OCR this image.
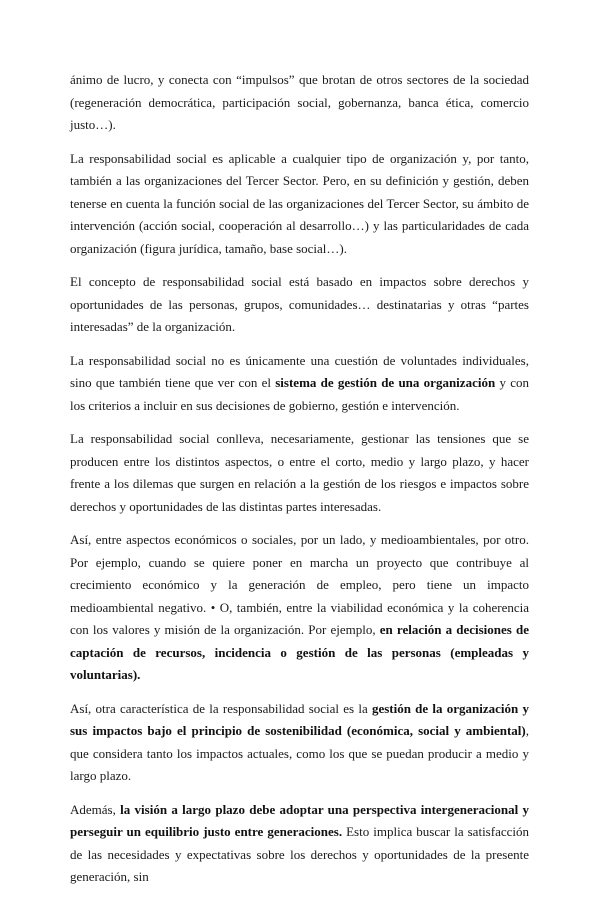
ánimo de lucro, y conecta con “impulsos” que brotan de otros sectores de la sociedad (regeneración democrática, participación social, gobernanza, banca ética, comercio justo…).

La responsabilidad social es aplicable a cualquier tipo de organización y, por tanto, también a las organizaciones del Tercer Sector. Pero, en su definición y gestión, deben tenerse en cuenta la función social de las organizaciones del Tercer Sector, su ámbito de intervención (acción social, cooperación al desarrollo…) y las particularidades de cada organización (figura jurídica, tamaño, base social…).

El concepto de responsabilidad social está basado en impactos sobre derechos y oportunidades de las personas, grupos, comunidades… destinatarias y otras “partes interesadas” de la organización.

La responsabilidad social no es únicamente una cuestión de voluntades individuales, sino que también tiene que ver con el sistema de gestión de una organización y con los criterios a incluir en sus decisiones de gobierno, gestión e intervención.

La responsabilidad social conlleva, necesariamente, gestionar las tensiones que se producen entre los distintos aspectos, o entre el corto, medio y largo plazo, y hacer frente a los dilemas que surgen en relación a la gestión de los riesgos e impactos sobre derechos y oportunidades de las distintas partes interesadas.

Así, entre aspectos económicos o sociales, por un lado, y medioambientales, por otro. Por ejemplo, cuando se quiere poner en marcha un proyecto que contribuye al crecimiento económico y la generación de empleo, pero tiene un impacto medioambiental negativo. • O, también, entre la viabilidad económica y la coherencia con los valores y misión de la organización. Por ejemplo, en relación a decisiones de captación de recursos, incidencia o gestión de las personas (empleadas y voluntarias).

Así, otra característica de la responsabilidad social es la gestión de la organización y sus impactos bajo el principio de sostenibilidad (económica, social y ambiental), que considera tanto los impactos actuales, como los que se puedan producir a medio y largo plazo.

Además, la visión a largo plazo debe adoptar una perspectiva intergeneracional y perseguir un equilibrio justo entre generaciones. Esto implica buscar la satisfacción de las necesidades y expectativas sobre los derechos y oportunidades de la presente generación, sin
